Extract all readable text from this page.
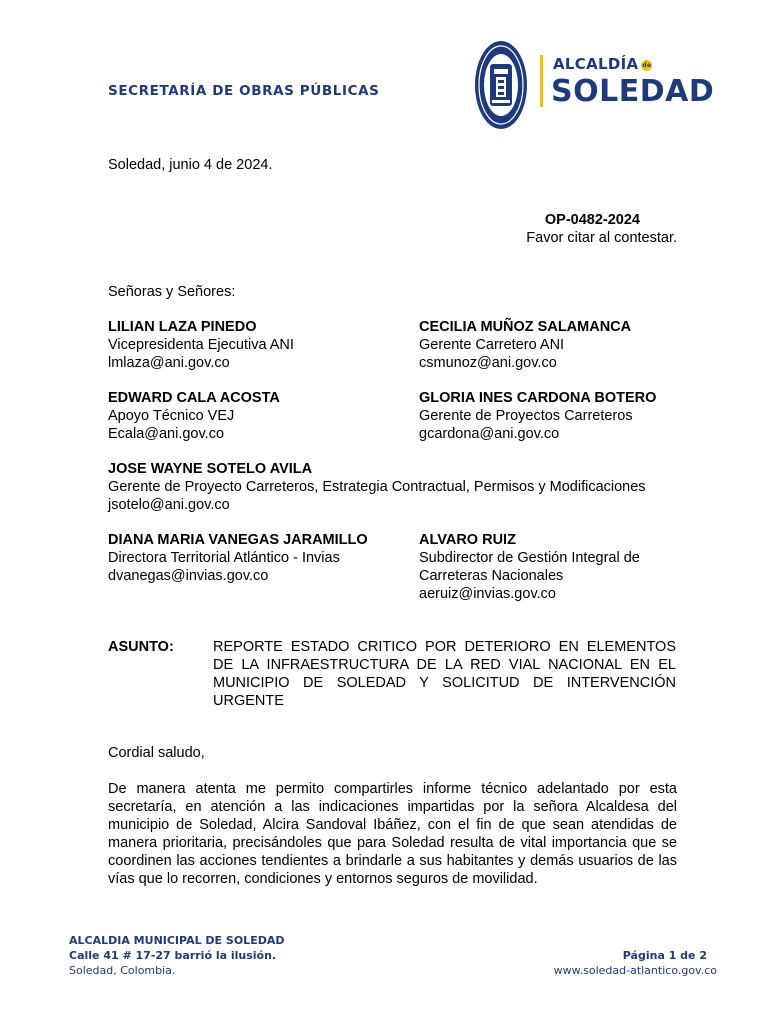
SECRETARÍA DE OBRAS PÚBLICAS
ALCALDÍA de
SOLEDAD
Soledad, junio 4 de 2024.
OP-0482-2024
Favor citar al contestar.
Señoras y Señores:
LILIAN LAZA PINEDO
Vicepresidenta Ejecutiva ANI
lmlaza@ani.gov.co
CECILIA MUÑOZ SALAMANCA
Gerente Carretero ANI
csmunoz@ani.gov.co
EDWARD CALA ACOSTA
Apoyo Técnico VEJ
Ecala@ani.gov.co
GLORIA INES CARDONA BOTERO
Gerente de Proyectos Carreteros
gcardona@ani.gov.co
JOSE WAYNE SOTELO AVILA
Gerente de Proyecto Carreteros, Estrategia Contractual, Permisos y Modificaciones
jsotelo@ani.gov.co
DIANA MARIA VANEGAS JARAMILLO
Directora Territorial Atlántico - Invias
dvanegas@invias.gov.co
ALVARO RUIZ
Subdirector de Gestión Integral de
Carreteras Nacionales
aeruiz@invias.gov.co
ASUNTO:	REPORTE ESTADO CRITICO POR DETERIORO EN ELEMENTOS DE LA INFRAESTRUCTURA DE LA RED VIAL NACIONAL EN EL MUNICIPIO DE SOLEDAD Y SOLICITUD DE INTERVENCIÓN URGENTE
Cordial saludo,
De manera atenta me permito compartirles informe técnico adelantado por esta secretaría, en atención a las indicaciones impartidas por la señora Alcaldesa del municipio de Soledad, Alcira Sandoval Ibáñez, con el fin de que sean atendidas de manera prioritaria, precisándoles que para Soledad resulta de vital importancia que se coordinen las acciones tendientes a brindarle a sus habitantes y demás usuarios de las vías que lo recorren, condiciones y entornos seguros de movilidad.
ALCALDIA MUNICIPAL DE SOLEDAD
Calle 41 # 17-27 barrió la ilusión.
Soledad, Colombia.
Página 1 de 2
www.soledad-atlantico.gov.co
